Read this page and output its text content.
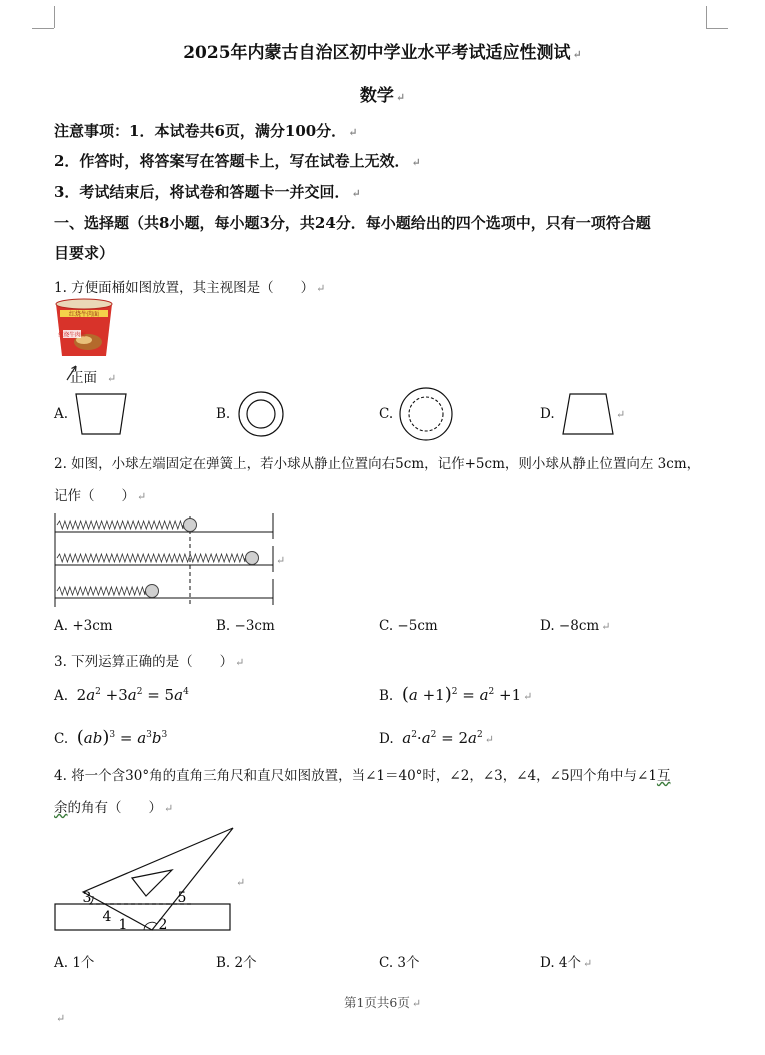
2025年内蒙古自治区初中学业水平考试适应性测试 ↵
数学 ↵
注意事项：1．本试卷共6页，满分100分． ↵
2．作答时，将答案写在答题卡上，写在试卷上无效． ↵
3．考试结束后，将试卷和答题卡一并交回． ↵
一、选择题（共8小题，每小题3分，共24分．每小题给出的四个选项中，只有一项符合题
目要求）
1. 方便面桶如图放置，其主视图是（　　） ↵
红烧牛肉面
红烧牛肉面
正面 ↵
A.	B.	C.	D.	↵
2. 如图，小球左端固定在弹簧上，若小球从静止位置向右5cm，记作+5cm，则小球从静止位置向左 3cm，
记作（　　） ↵
↵
A. +3cm	B. −3cm	C. −5cm	D. −8cm ↵
3. 下列运算正确的是（　　） ↵
A. $2a^2 +3a^2 = 5a^4$	B. $(a +1)^2 = a^2 +1$ ↵
C. $(ab)^3 = a^3b^3$	D. $a^2\cdot a^2 = 2a^2$ ↵
4. 将一个含30°角的直角三角尺和直尺如图放置，当∠1＝40°时，∠2，∠3，∠4，∠5四个角中与∠1互
余的角有（　　） ↵
3
4
5
1 2
↵
A. 1个	B. 2个	C. 3个	D. 4个 ↵
第1页共6页 ↵
↵
